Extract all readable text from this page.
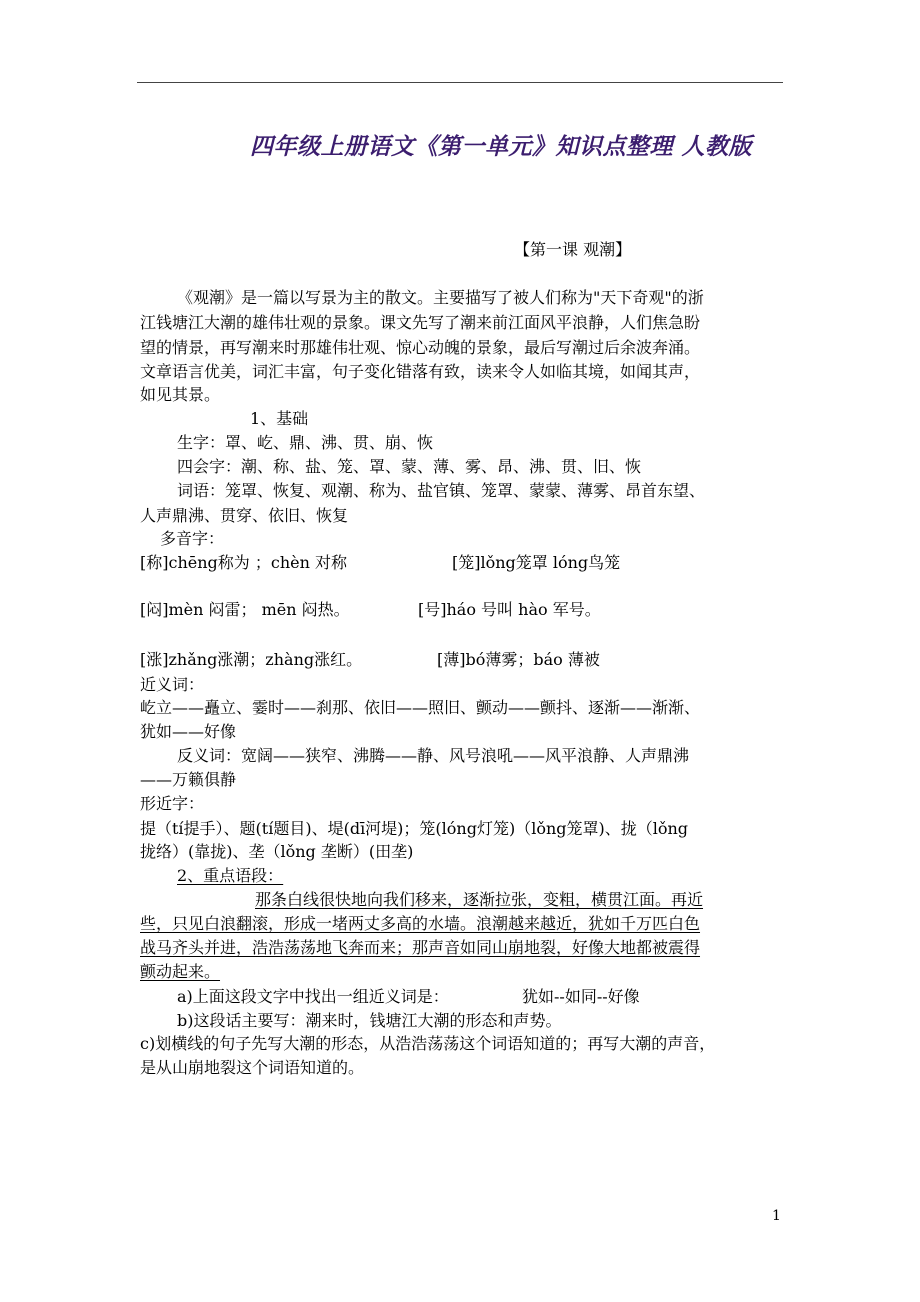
四年级上册语文《第一单元》知识点整理 人教版
【第一课 观潮】
《观潮》是一篇以写景为主的散文。主要描写了被人们称为"天下奇观"的浙
江钱塘江大潮的雄伟壮观的景象。课文先写了潮来前江面风平浪静，人们焦急盼
望的情景，再写潮来时那雄伟壮观、惊心动魄的景象，最后写潮过后余波奔涌。
文章语言优美，词汇丰富，句子变化错落有致，读来令人如临其境，如闻其声，
如见其景。
1、基础
生字：罩、屹、鼎、沸、贯、崩、恢
四会字：潮、称、盐、笼、罩、蒙、薄、雾、昂、沸、贯、旧、恢
词语：笼罩、恢复、观潮、称为、盐官镇、笼罩、蒙蒙、薄雾、昂首东望、
人声鼎沸、贯穿、依旧、恢复
多音字：
[称]chēng称为 ；chèn 对称	[笼]lǒng笼罩 lóng鸟笼
[闷]mèn 闷雷； mēn 闷热。	[号]háo 号叫 hào 军号。
[涨]zhǎng涨潮；zhàng涨红。	[薄]bó薄雾；báo 薄被
近义词：
屹立——矗立、霎时——刹那、依旧——照旧、颤动——颤抖、逐渐——渐渐、
犹如——好像
反义词：宽阔——狭窄、沸腾——静、风号浪吼——风平浪静、人声鼎沸
——万籁俱静
形近字：
提（tí提手）、题(tí题目)、堤(dī河堤)；笼(lóng灯笼)（lǒng笼罩)、拢（lǒng
拢络）(靠拢)、垄（lǒng 垄断）(田垄)
2、重点语段：
那条白线很快地向我们移来，逐渐拉张，变粗，横贯江面。再近
些，只见白浪翻滚，形成一堵两丈多高的水墙。浪潮越来越近，犹如千万匹白色
战马齐头并进，浩浩荡荡地飞奔而来；那声音如同山崩地裂，好像大地都被震得
颤动起来。
a)上面这段文字中找出一组近义词是：	犹如--如同--好像
b)这段话主要写：潮来时，钱塘江大潮的形态和声势。
c)划横线的句子先写大潮的形态，从浩浩荡荡这个词语知道的；再写大潮的声音，
是从山崩地裂这个词语知道的。
1
